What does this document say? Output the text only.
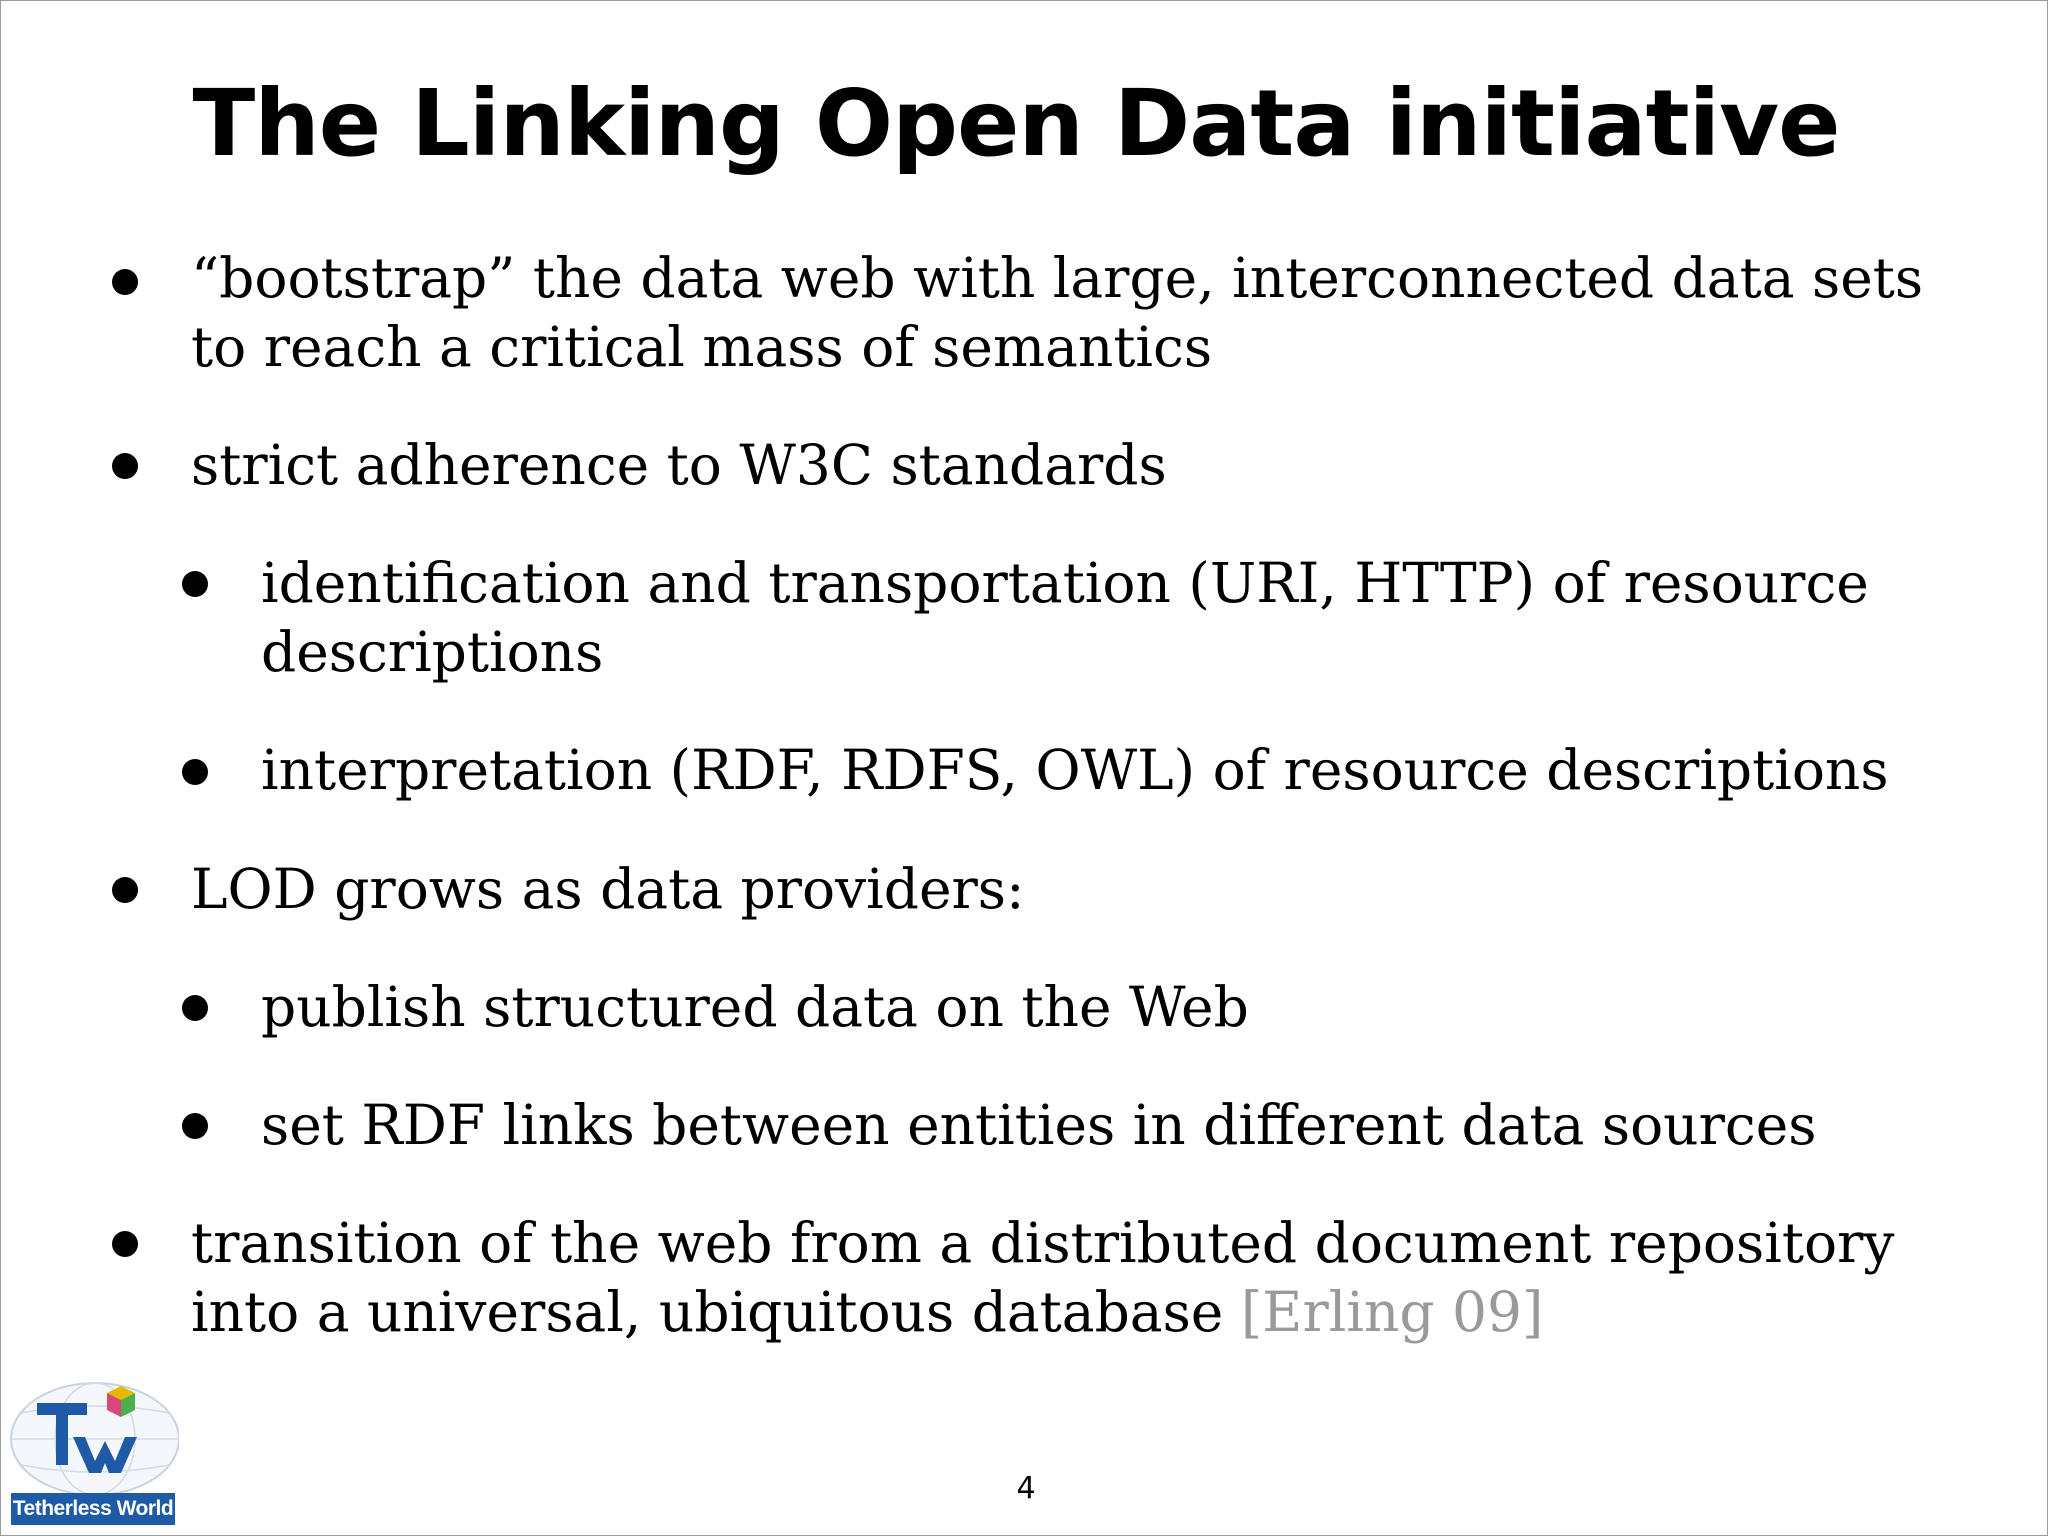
The Linking Open Data initiative
“bootstrap” the data web with large, interconnected data sets
to reach a critical mass of semantics
strict adherence to W3C standards
identification and transportation (URI, HTTP) of resource
descriptions
interpretation (RDF, RDFS, OWL) of resource descriptions
LOD grows as data providers:
publish structured data on the Web
set RDF links between entities in different data sources
transition of the web from a distributed document repository
into a universal, ubiquitous database [Erling 09]
4
Tetherless World
